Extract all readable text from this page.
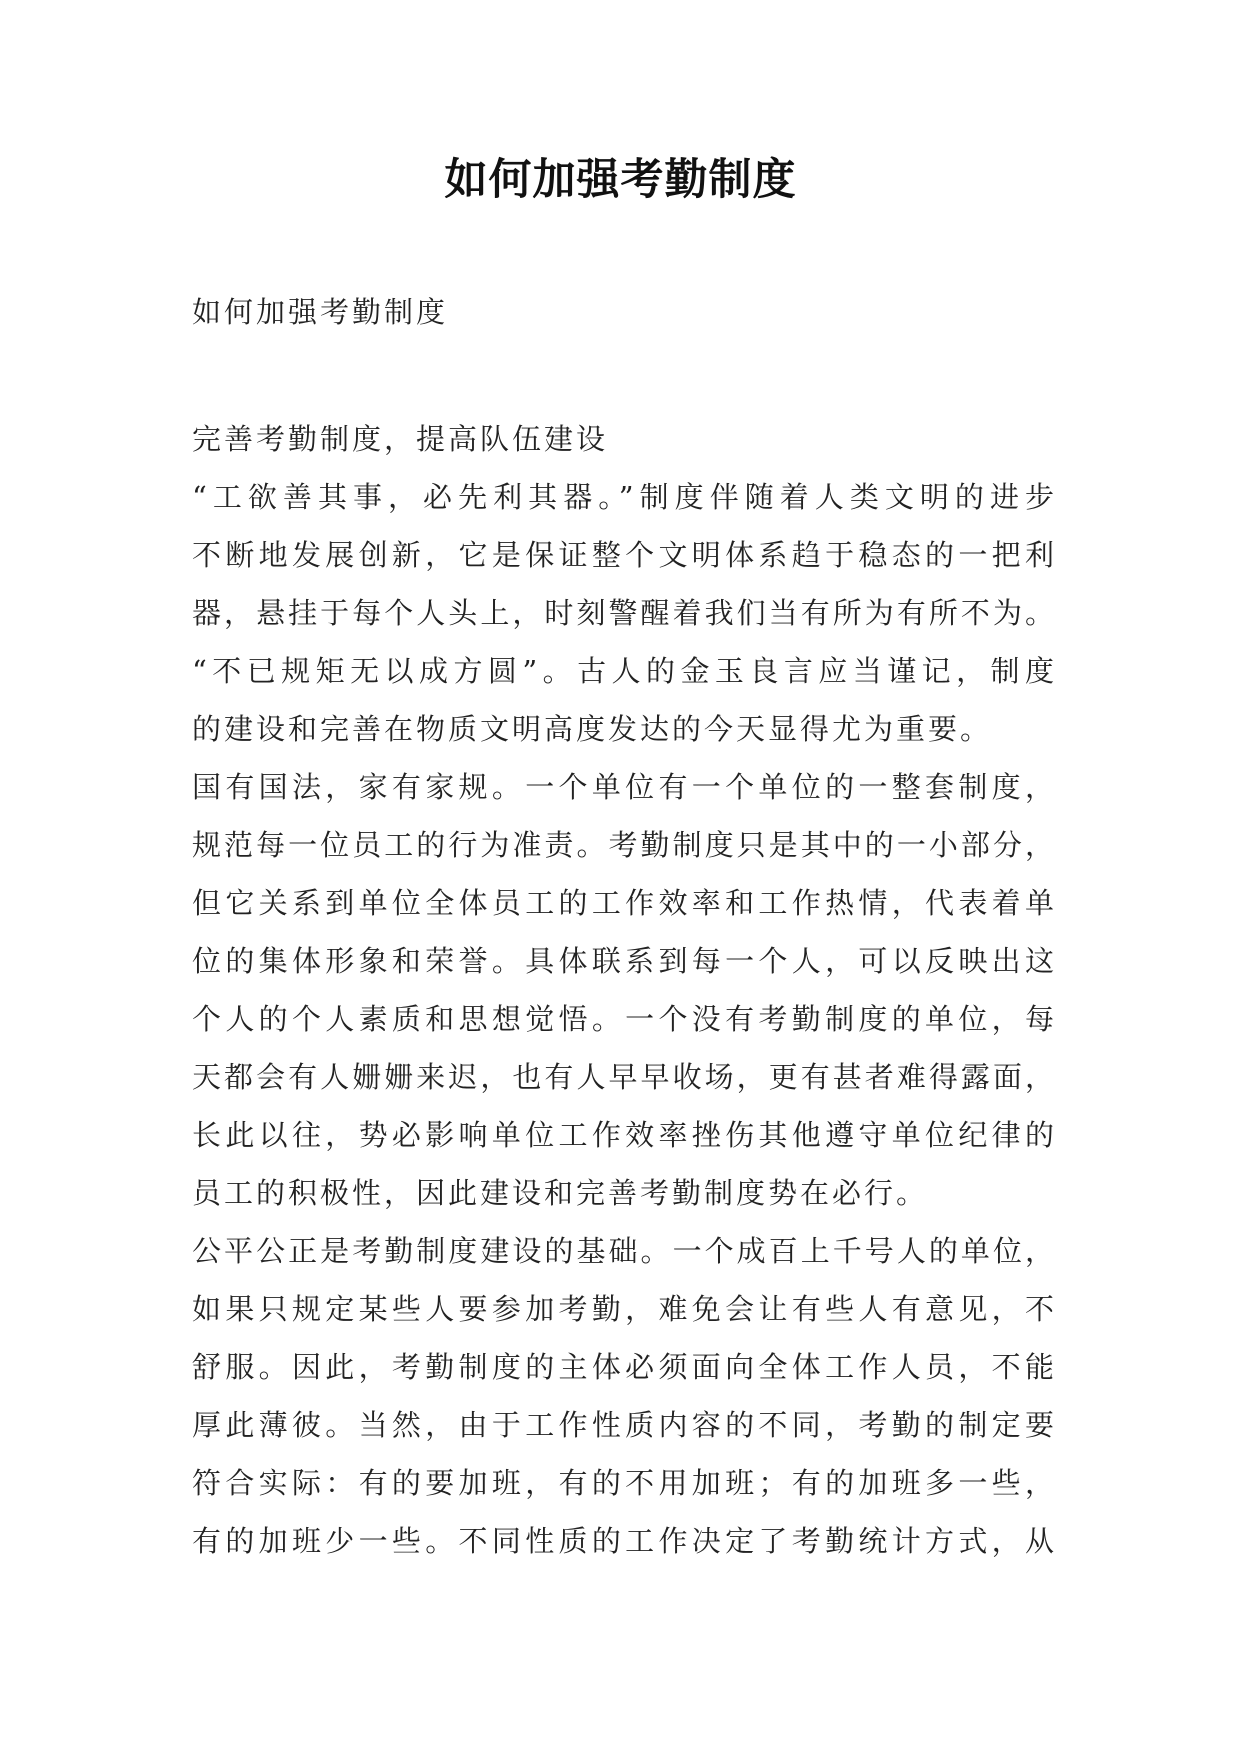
如何加强考勤制度

如何加强考勤制度

完善考勤制度，提高队伍建设
“工欲善其事，必先利其器。”制度伴随着人类文明的进步
不断地发展创新，它是保证整个文明体系趋于稳态的一把利
器，悬挂于每个人头上，时刻警醒着我们当有所为有所不为。
“不已规矩无以成方圆”。古人的金玉良言应当谨记，制度
的建设和完善在物质文明高度发达的今天显得尤为重要。
国有国法，家有家规。一个单位有一个单位的一整套制度，
规范每一位员工的行为准责。考勤制度只是其中的一小部分，
但它关系到单位全体员工的工作效率和工作热情，代表着单
位的集体形象和荣誉。具体联系到每一个人，可以反映出这
个人的个人素质和思想觉悟。一个没有考勤制度的单位，每
天都会有人姗姗来迟，也有人早早收场，更有甚者难得露面，
长此以往，势必影响单位工作效率挫伤其他遵守单位纪律的
员工的积极性，因此建设和完善考勤制度势在必行。
公平公正是考勤制度建设的基础。一个成百上千号人的单位，
如果只规定某些人要参加考勤，难免会让有些人有意见，不
舒服。因此，考勤制度的主体必须面向全体工作人员，不能
厚此薄彼。当然，由于工作性质内容的不同，考勤的制定要
符合实际：有的要加班，有的不用加班；有的加班多一些，
有的加班少一些。不同性质的工作决定了考勤统计方式，从
